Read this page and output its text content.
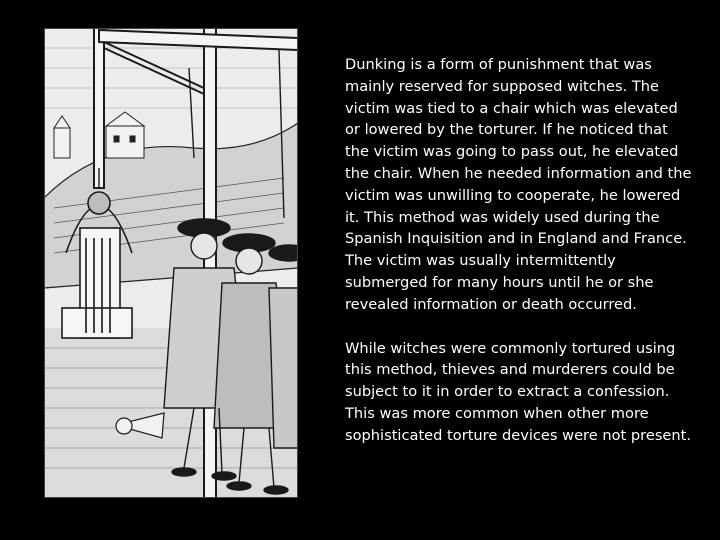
Dunking is a form of punishment that was mainly reserved for supposed witches. The victim was tied to a chair which was elevated or lowered by the torturer. If he noticed that the victim was going to pass out, he elevated the chair. When he needed information and the victim was unwilling to cooperate, he lowered it. This method was widely used during the Spanish Inquisition and in England and France. The victim was usually intermittently submerged for many hours until he or she revealed information or death occurred.

While witches were commonly tortured using this method, thieves and murderers could be subject to it in order to extract a confession. This was more common when other more sophisticated torture devices were not present.
